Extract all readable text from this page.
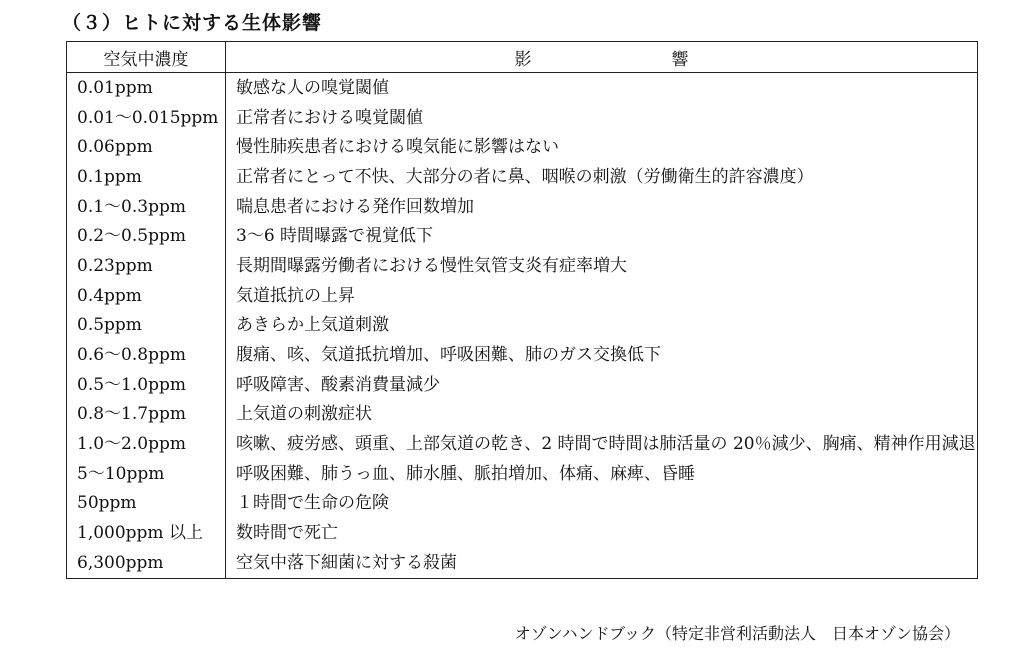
（３）ヒトに対する生体影響
空気中濃度	影響
0.01ppm	敏感な人の嗅覚閾値
0.01～0.015ppm	正常者における嗅覚閾値
0.06ppm	慢性肺疾患者における嗅気能に影響はない
0.1ppm	正常者にとって不快、大部分の者に鼻、咽喉の刺激（労働衛生的許容濃度）
0.1～0.3ppm	喘息患者における発作回数増加
0.2～0.5ppm	3～6 時間曝露で視覚低下
0.23ppm	長期間曝露労働者における慢性気管支炎有症率増大
0.4ppm	気道抵抗の上昇
0.5ppm	あきらか上気道刺激
0.6～0.8ppm	腹痛、咳、気道抵抗増加、呼吸困難、肺のガス交換低下
0.5～1.0ppm	呼吸障害、酸素消費量減少
0.8～1.7ppm	上気道の刺激症状
1.0～2.0ppm	咳嗽、疲労感、頭重、上部気道の乾き、2 時間で時間は肺活量の 20％減少、胸痛、精神作用減退
5～10ppm	呼吸困難、肺うっ血、肺水腫、脈拍増加、体痛、麻痺、昏睡
50ppm	１時間で生命の危険
1,000ppm 以上	数時間で死亡
6,300ppm	空気中落下細菌に対する殺菌
オゾンハンドブック（特定非営利活動法人　日本オゾン協会）
